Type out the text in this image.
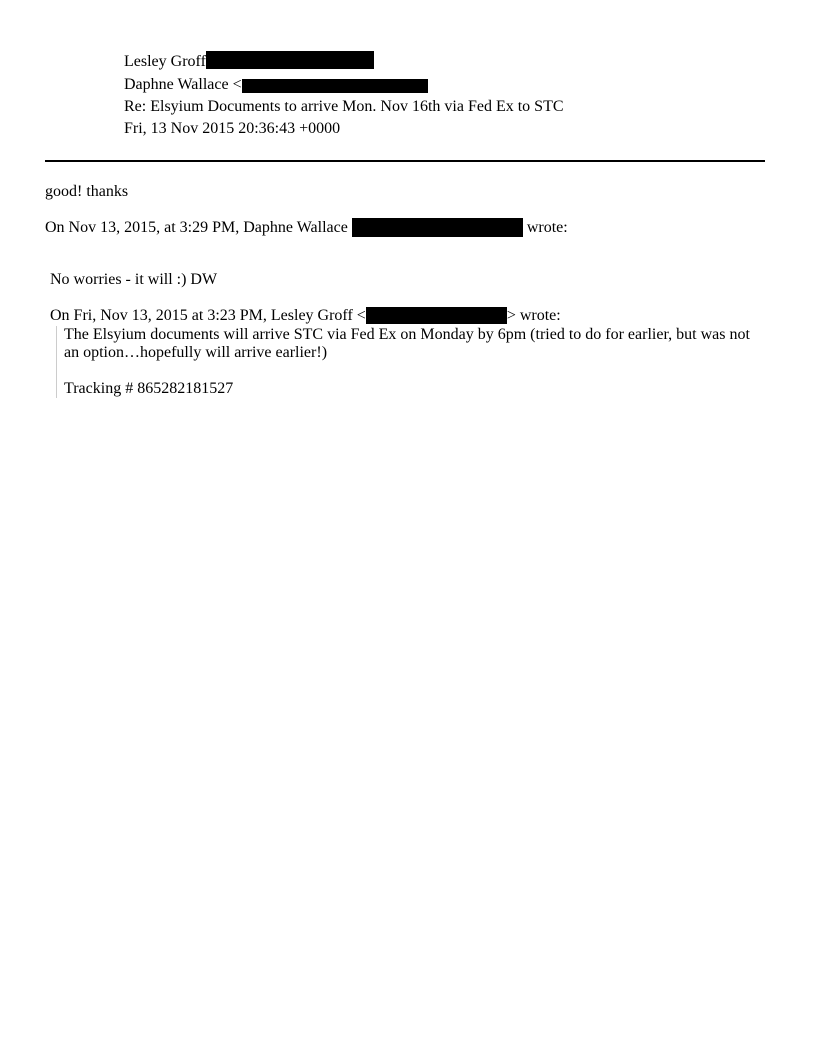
Lesley Groff
Daphne Wallace <
Re: Elsyium Documents to arrive Mon. Nov 16th via Fed Ex to STC
Fri, 13 Nov 2015 20:36:43 +0000
good! thanks
On Nov 13, 2015, at 3:29 PM, Daphne Wallace	wrote:
No worries - it will :) DW
On Fri, Nov 13, 2015 at 3:23 PM, Lesley Groff <	> wrote:

The Elsyium documents will arrive STC via Fed Ex on Monday by 6pm (tried to do for earlier, but was not an option…hopefully will arrive earlier!)

Tracking # 865282181527
